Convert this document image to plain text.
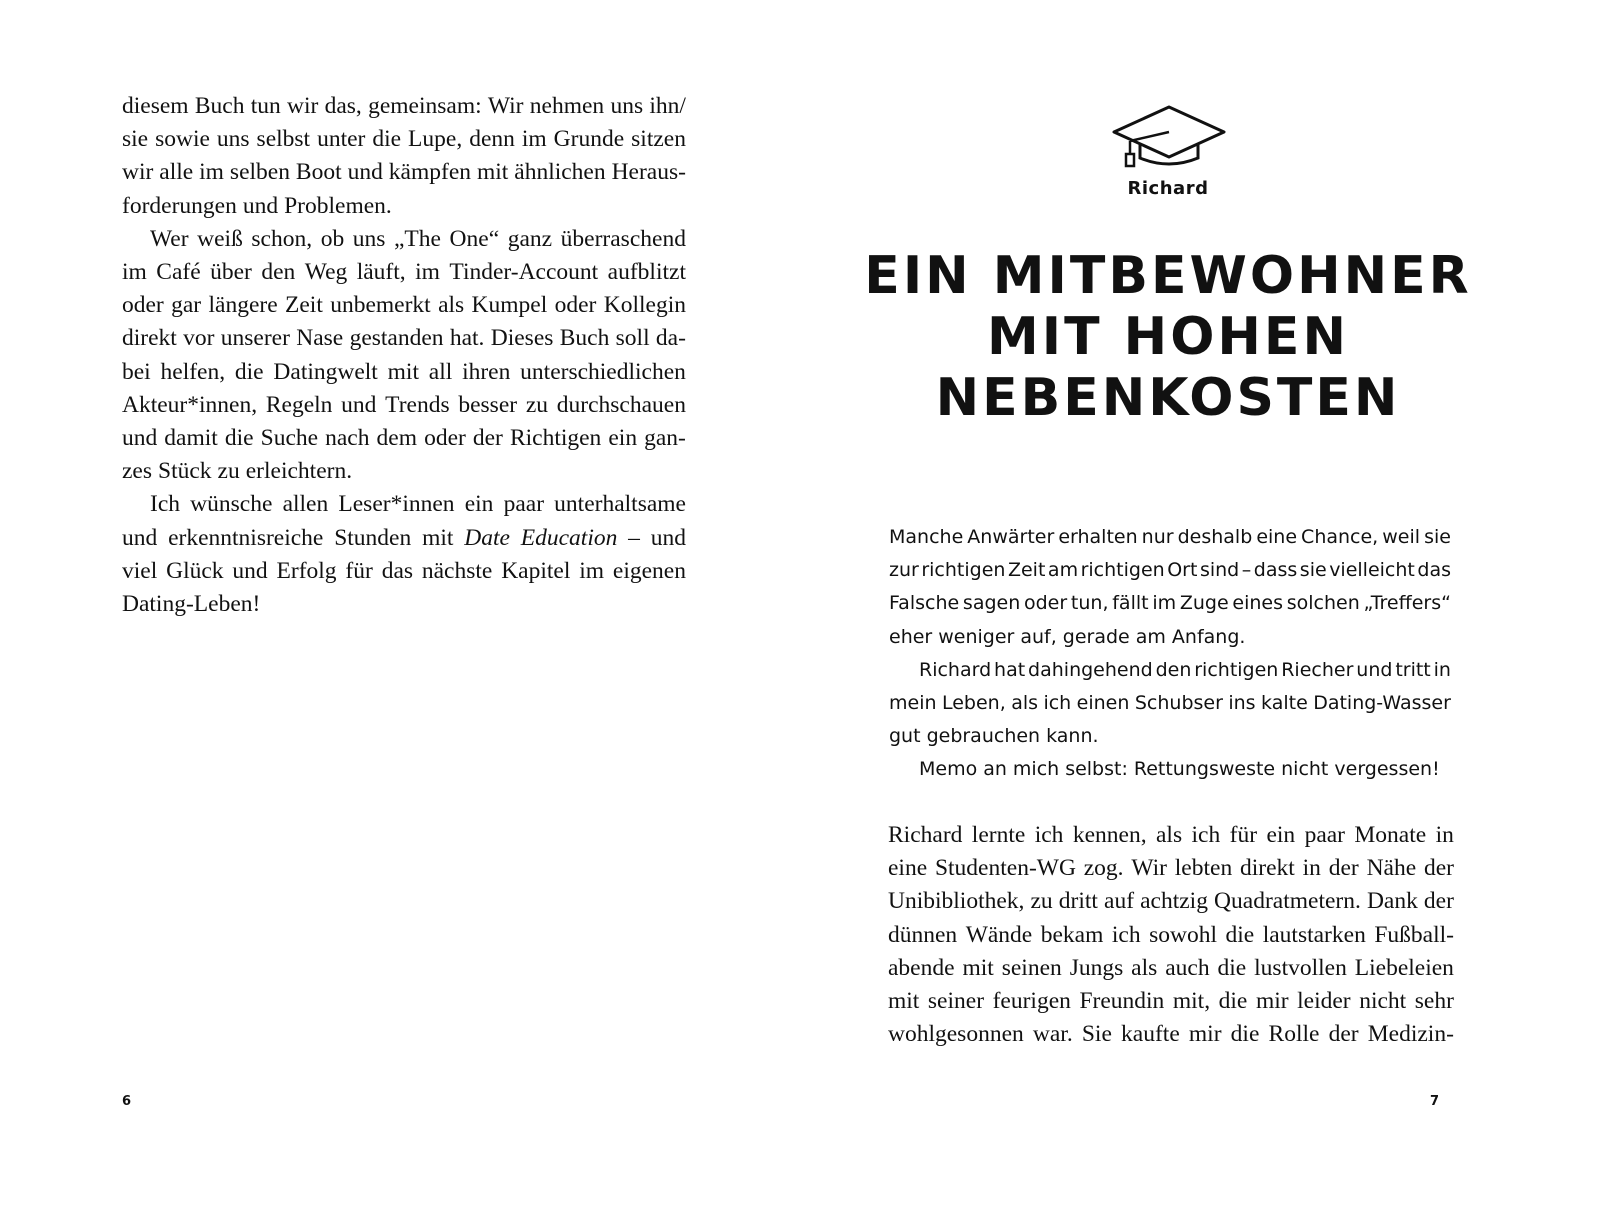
diesem Buch tun wir das, gemeinsam: Wir nehmen uns ihn/
sie sowie uns selbst unter die Lupe, denn im Grunde sitzen
wir alle im selben Boot und kämpfen mit ähnlichen Heraus-
forderungen und Problemen.
Wer weiß schon, ob uns „The One“ ganz überraschend
im Café über den Weg läuft, im Tinder-Account aufblitzt
oder gar längere Zeit unbemerkt als Kumpel oder Kollegin
direkt vor unserer Nase gestanden hat. Dieses Buch soll da-
bei helfen, die Datingwelt mit all ihren unterschiedlichen
Akteur*innen, Regeln und Trends besser zu durchschauen
und damit die Suche nach dem oder der Richtigen ein gan-
zes Stück zu erleichtern.
Ich wünsche allen Leser*innen ein paar unterhaltsame
und erkenntnisreiche Stunden mit Date Education – und
viel Glück und Erfolg für das nächste Kapitel im eigenen
Dating-Leben!
6
Richard
EIN MITBEWOHNER
MIT HOHEN
NEBENKOSTEN
Manche Anwärter erhalten nur deshalb eine Chance, weil sie
zur richtigen Zeit am richtigen Ort sind – dass sie vielleicht das
Falsche sagen oder tun, fällt im Zuge eines solchen „Treffers“
eher weniger auf, gerade am Anfang.
Richard hat dahingehend den richtigen Riecher und tritt in
mein Leben, als ich einen Schubser ins kalte Dating-Wasser
gut gebrauchen kann.
Memo an mich selbst: Rettungsweste nicht vergessen!
Richard lernte ich kennen, als ich für ein paar Monate in
eine Studenten-WG zog. Wir lebten direkt in der Nähe der
Unibibliothek, zu dritt auf achtzig Quadratmetern. Dank der
dünnen Wände bekam ich sowohl die lautstarken Fußball-
abende mit seinen Jungs als auch die lustvollen Liebeleien
mit seiner feurigen Freundin mit, die mir leider nicht sehr
wohlgesonnen war. Sie kaufte mir die Rolle der Medizin-
7
